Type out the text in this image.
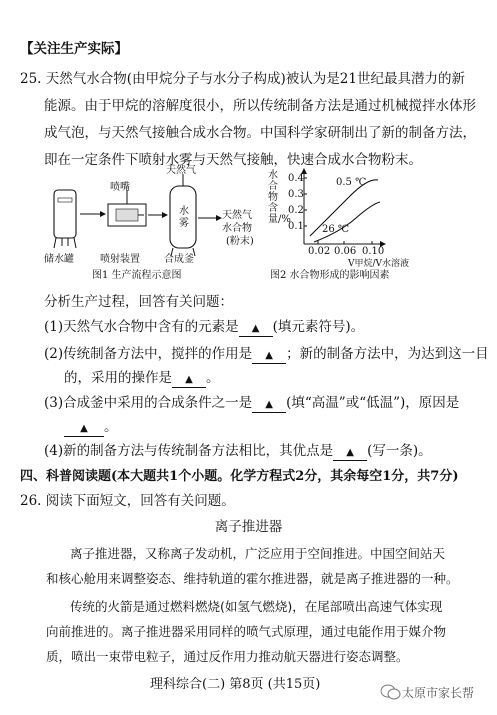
【关注生产实际】
25. 天然气水合物(由甲烷分子与水分子构成)被认为是21世纪最具潜力的新
能源。由于甲烷的溶解度很小，所以传统制备方法是通过机械搅拌水体形
成气泡，与天然气接触合成水合物。中国科学家研制出了新的制备方法，
即在一定条件下喷射水雾与天然气接触，快速合成水合物粉末。
天然气
喷嘴
水
雾
储水罐	喷射装置 合成釜
天然气
水合物
(粉末)
图1 生产流程示意图
水合物含量/%
0.4
0.3
0.2
0.1
0.5 ℃
26 ℃
0.02 0.06 0.10
V甲烷/V水溶液
图2 水合物形成的影响因素
分析生产过程，回答有关问题：
(1)天然气水合物中含有的元素是 ▲ (填元素符号)。
(2)传统制备方法中，搅拌的作用是 ▲ ；新的制备方法中，为达到这一目
的，采用的操作是 ▲ 。
(3)合成釜中采用的合成条件之一是 ▲ (填“高温”或“低温”)，原因是
▲ 。
(4)新的制备方法与传统制备方法相比，其优点是 ▲ (写一条)。
四、科普阅读题(本大题共1个小题。化学方程式2分，其余每空1分，共7分)
26. 阅读下面短文，回答有关问题。
离子推进器
离子推进器，又称离子发动机，广泛应用于空间推进。中国空间站天
和核心舱用来调整姿态、维持轨道的霍尔推进器，就是离子推进器的一种。
传统的火箭是通过燃料燃烧(如氢气燃烧)，在尾部喷出高速气体实现
向前推进的。离子推进器采用同样的喷气式原理，通过电能作用于媒介物
质，喷出一束带电粒子，通过反作用力推动航天器进行姿态调整。
理科综合(二) 第8页 (共15页)
太原市家长帮
